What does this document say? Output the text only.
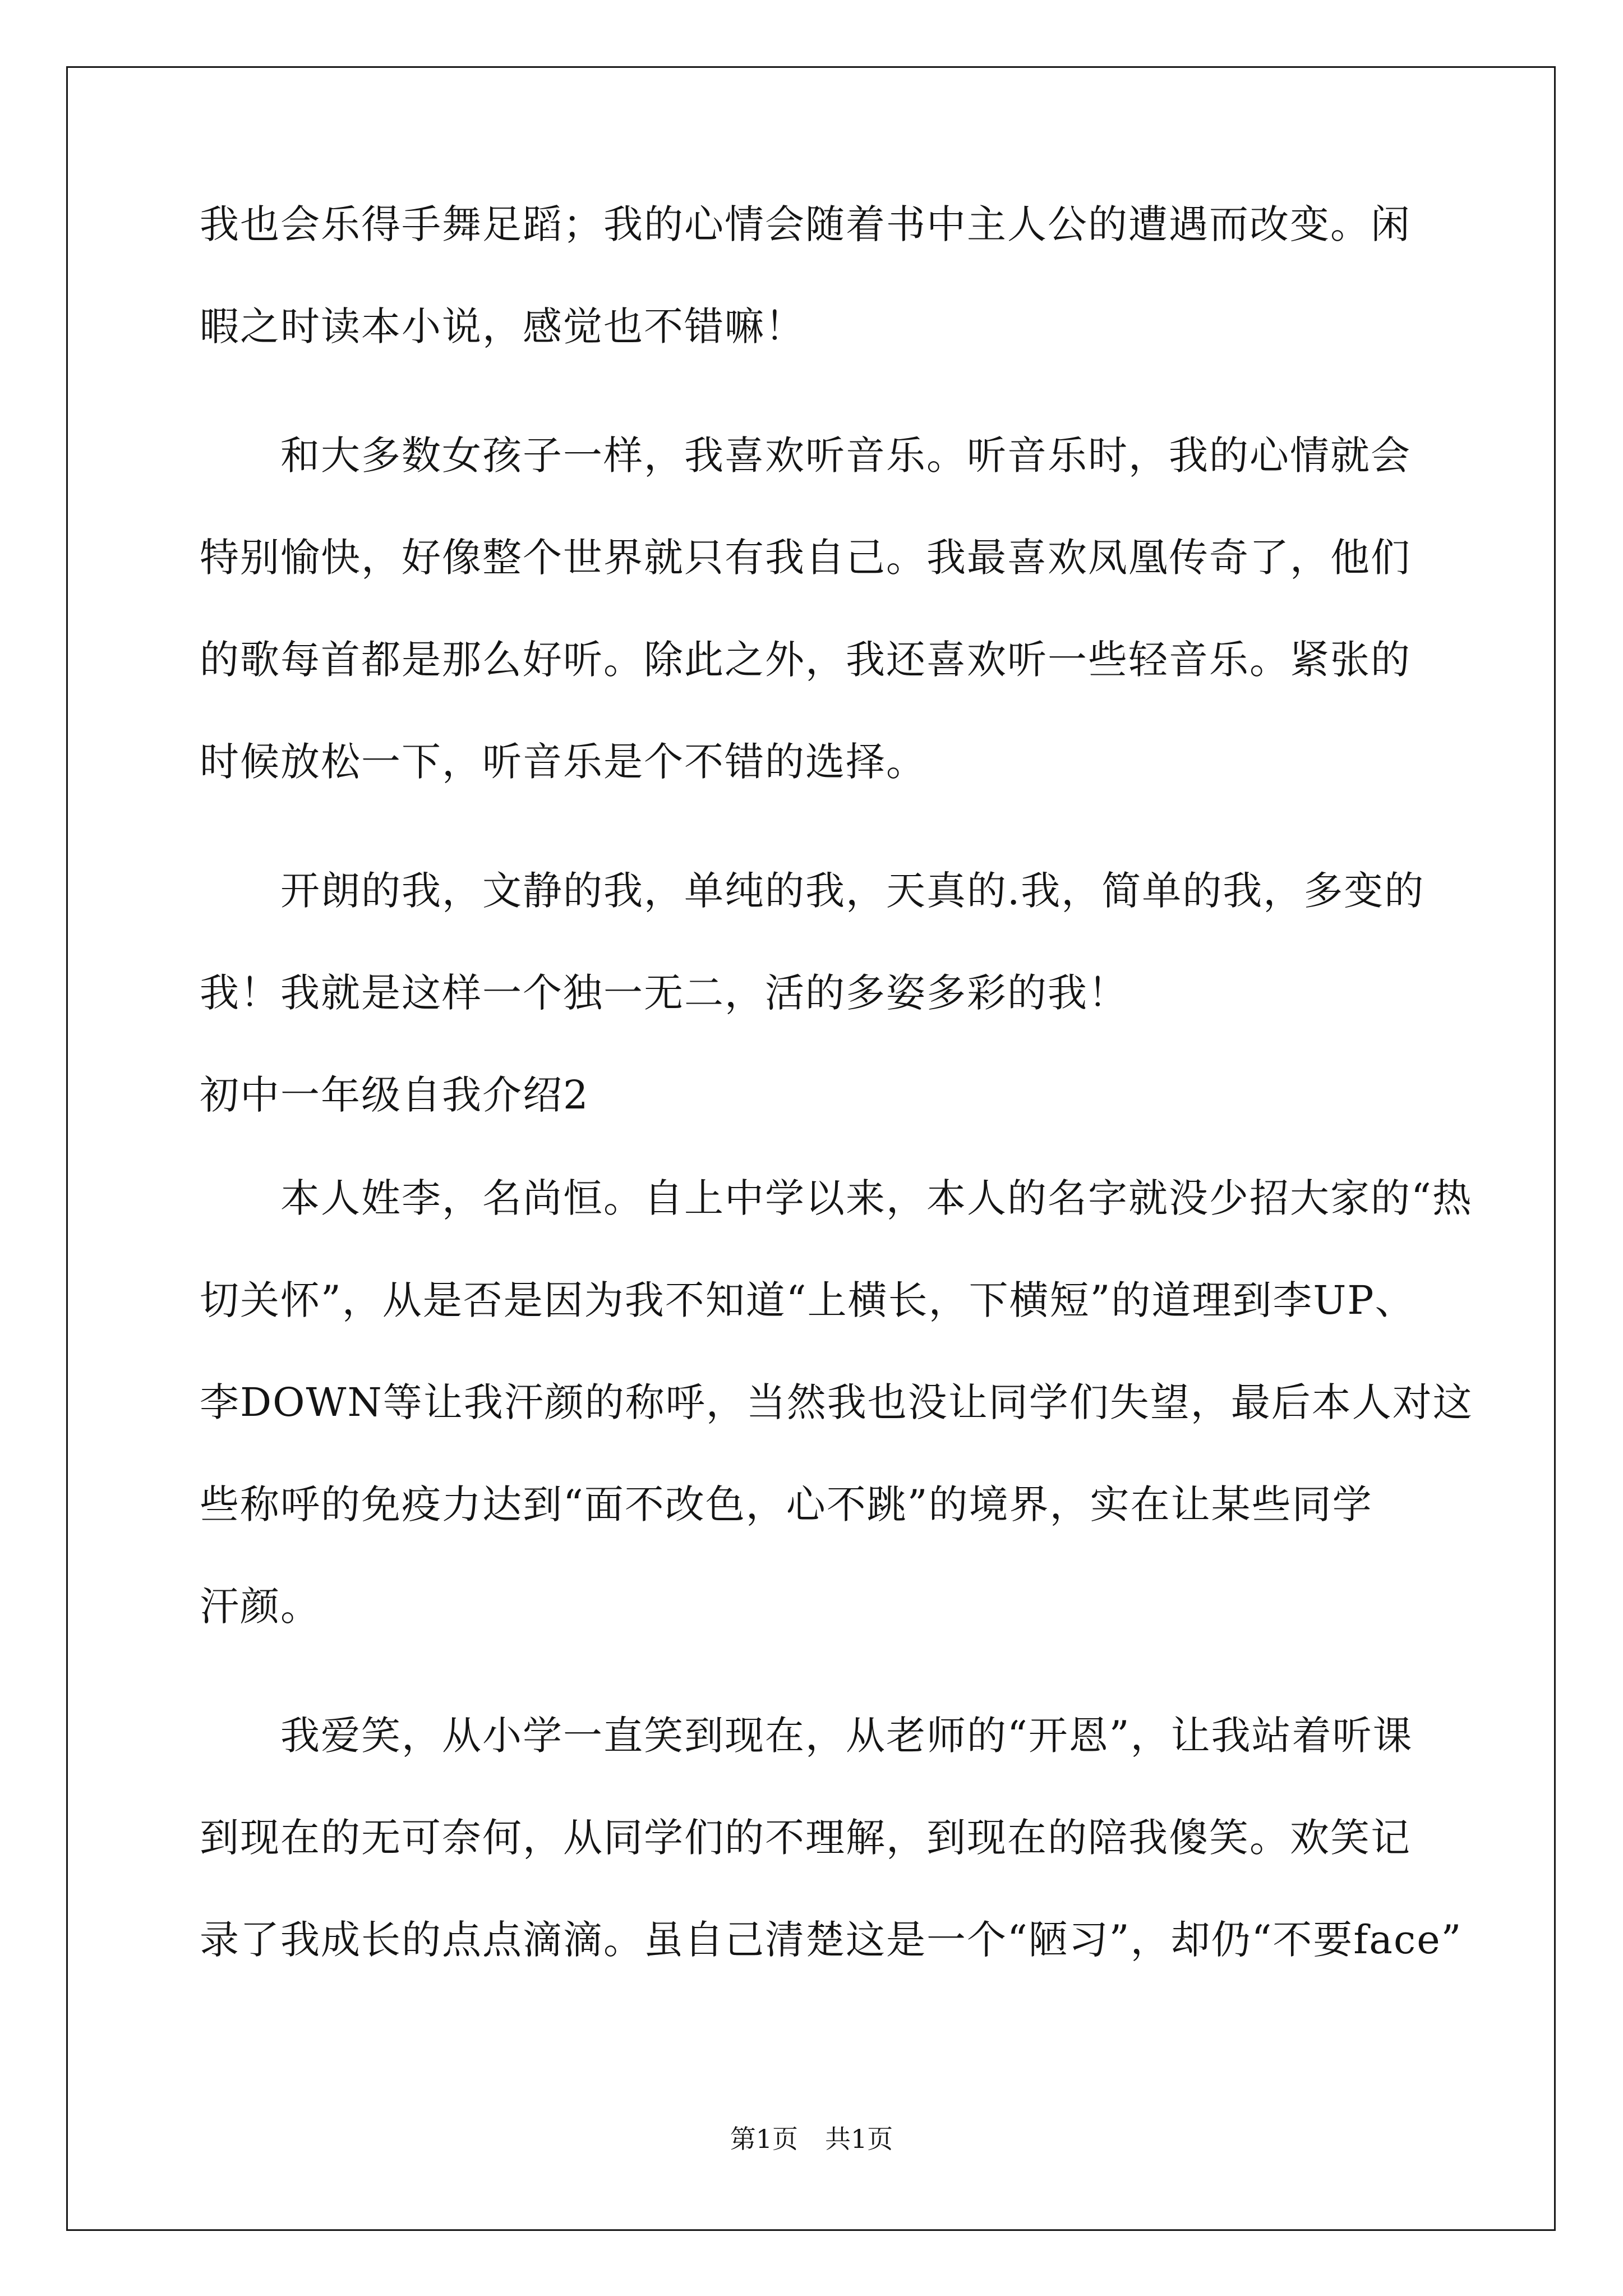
我也会乐得手舞足蹈；我的心情会随着书中主人公的遭遇而改变。闲
暇之时读本小说，感觉也不错嘛！
和大多数女孩子一样，我喜欢听音乐。听音乐时，我的心情就会
特别愉快，好像整个世界就只有我自己。我最喜欢凤凰传奇了，他们
的歌每首都是那么好听。除此之外，我还喜欢听一些轻音乐。紧张的
时候放松一下，听音乐是个不错的选择。
开朗的我，文静的我，单纯的我，天真的.我，简单的我，多变的
我！我就是这样一个独一无二，活的多姿多彩的我！
初中一年级自我介绍2
本人姓李，名尚恒。自上中学以来，本人的名字就没少招大家的“热
切关怀”，从是否是因为我不知道“上横长，下横短”的道理到李UP、
李DOWN等让我汗颜的称呼，当然我也没让同学们失望，最后本人对这
些称呼的免疫力达到“面不改色，心不跳”的境界，实在让某些同学
汗颜。
我爱笑，从小学一直笑到现在，从老师的“开恩”，让我站着听课
到现在的无可奈何，从同学们的不理解，到现在的陪我傻笑。欢笑记
录了我成长的点点滴滴。虽自己清楚这是一个“陋习”，却仍“不要face”
第1页 共1页
